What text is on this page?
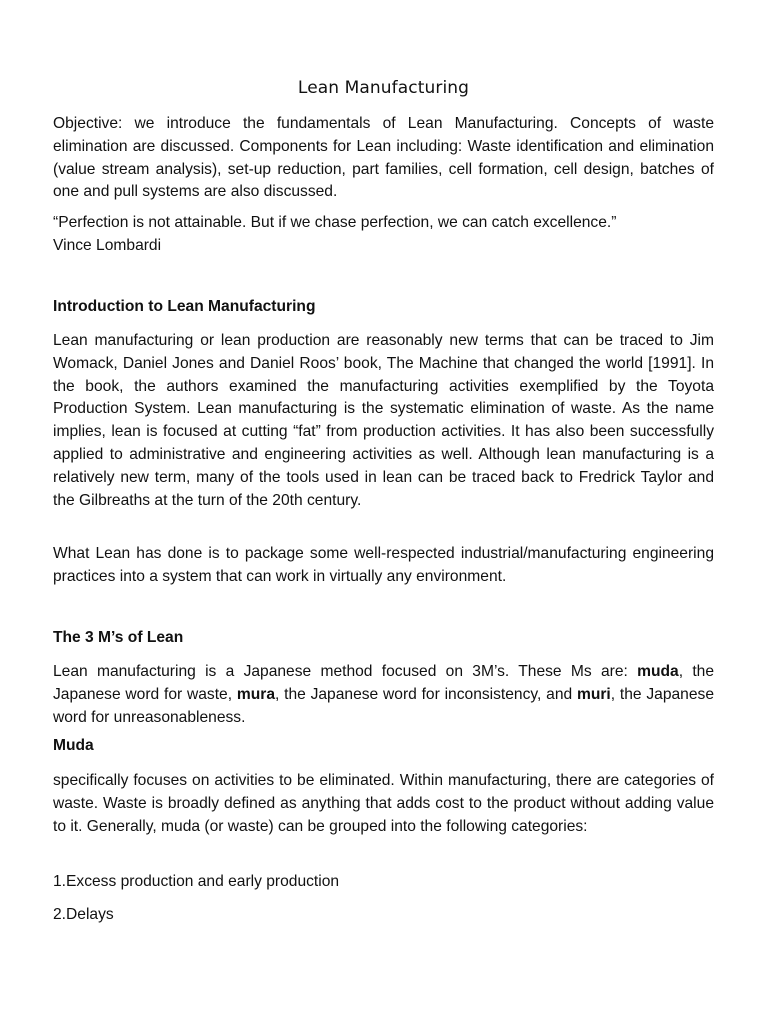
Lean Manufacturing

Objective: we introduce the fundamentals of Lean Manufacturing. Concepts of waste elimination are discussed. Components for Lean including: Waste identification and elimination (value stream analysis), set-up reduction, part families, cell formation, cell design, batches of one and pull systems are also discussed.

“Perfection is not attainable. But if we chase perfection, we can catch excellence.”
Vince Lombardi

Introduction to Lean Manufacturing

Lean manufacturing or lean production are reasonably new terms that can be traced to Jim Womack, Daniel Jones and Daniel Roos’ book, The Machine that changed the world [1991]. In the book, the authors examined the manufacturing activities exemplified by the Toyota Production System. Lean manufacturing is the systematic elimination of waste. As the name implies, lean is focused at cutting “fat” from production activities. It has also been successfully applied to administrative and engineering activities as well. Although lean manufacturing is a relatively new term, many of the tools used in lean can be traced back to Fredrick Taylor and the Gilbreaths at the turn of the 20th century.

What Lean has done is to package some well-respected industrial/manufacturing engineering practices into a system that can work in virtually any environment.

The 3 M’s of Lean

Lean manufacturing is a Japanese method focused on 3M’s. These Ms are: muda, the Japanese word for waste, mura, the Japanese word for inconsistency, and muri, the Japanese word for unreasonableness.

Muda

specifically focuses on activities to be eliminated. Within manufacturing, there are categories of waste. Waste is broadly defined as anything that adds cost to the product without adding value to it. Generally, muda (or waste) can be grouped into the following categories:

1.Excess production and early production

2.Delays
